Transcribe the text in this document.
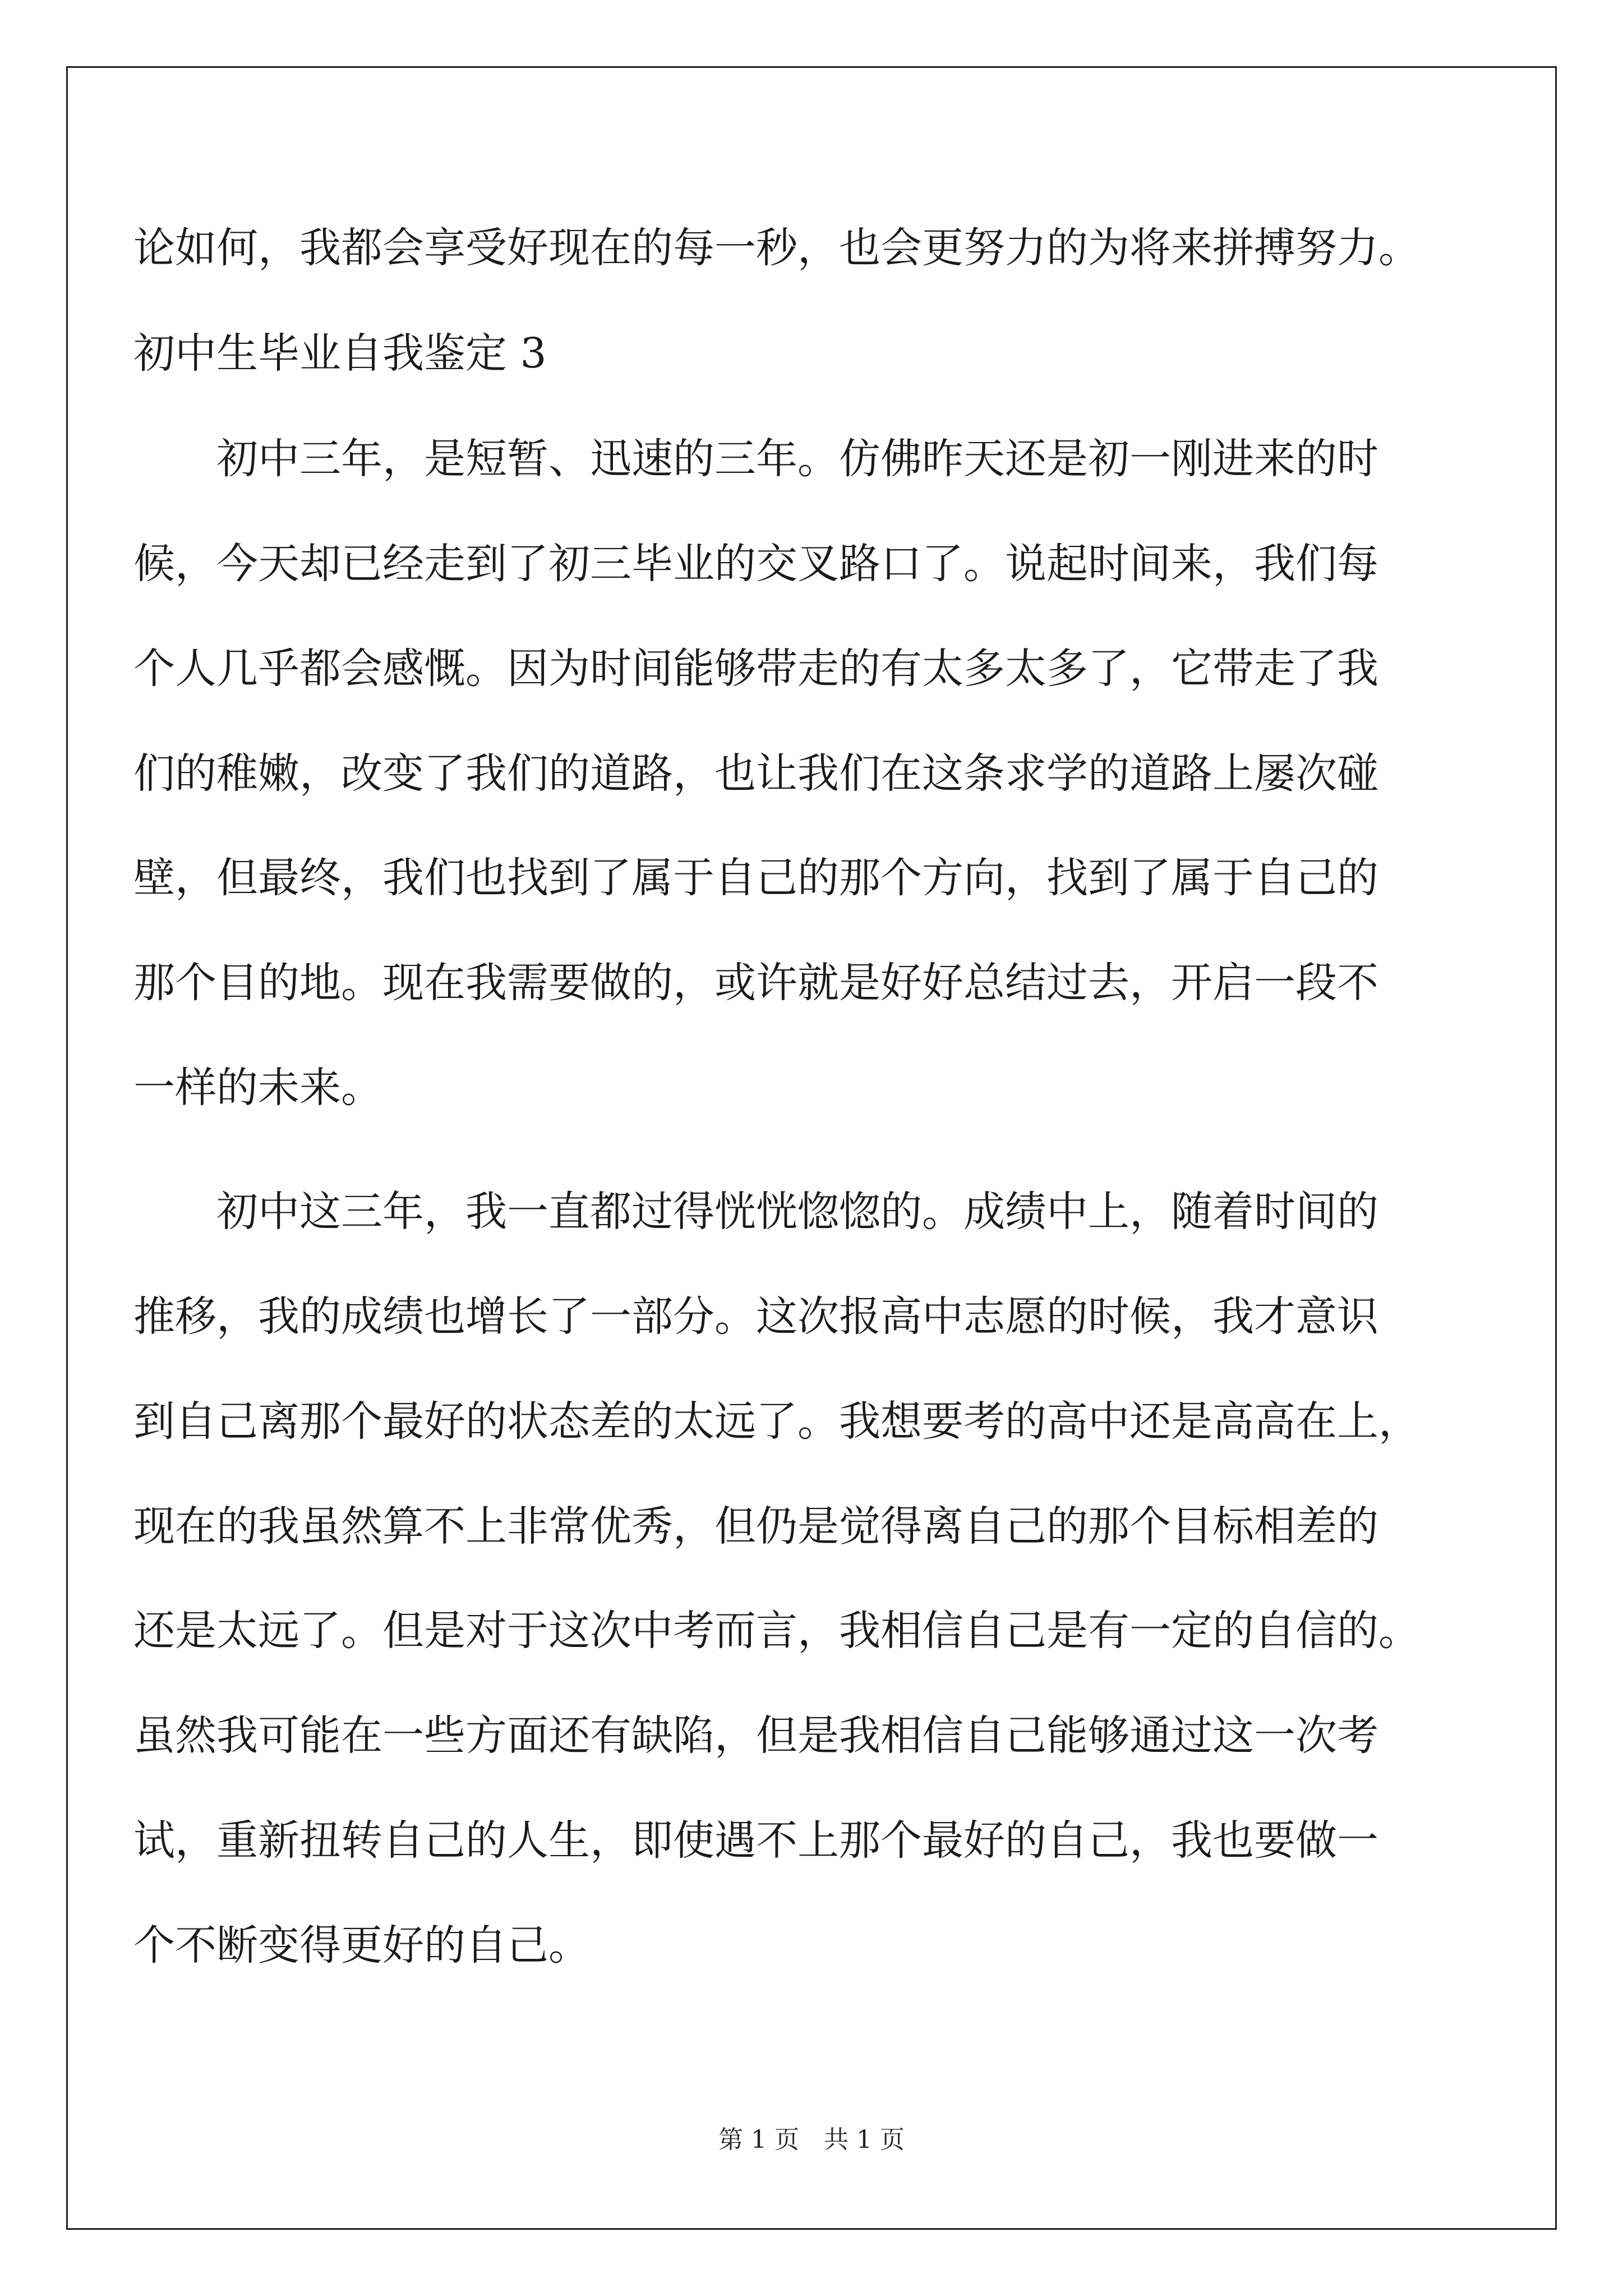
论如何，我都会享受好现在的每一秒，也会更努力的为将来拼搏努力。
初中生毕业自我鉴定 3
初中三年，是短暂、迅速的三年。仿佛昨天还是初一刚进来的时
候，今天却已经走到了初三毕业的交叉路口了。说起时间来，我们每
个人几乎都会感慨。因为时间能够带走的有太多太多了，它带走了我
们的稚嫩，改变了我们的道路，也让我们在这条求学的道路上屡次碰
壁，但最终，我们也找到了属于自己的那个方向，找到了属于自己的
那个目的地。现在我需要做的，或许就是好好总结过去，开启一段不
一样的未来。
初中这三年，我一直都过得恍恍惚惚的。成绩中上，随着时间的
推移，我的成绩也增长了一部分。这次报高中志愿的时候，我才意识
到自己离那个最好的状态差的太远了。我想要考的高中还是高高在上，
现在的我虽然算不上非常优秀，但仍是觉得离自己的那个目标相差的
还是太远了。但是对于这次中考而言，我相信自己是有一定的自信的。
虽然我可能在一些方面还有缺陷，但是我相信自己能够通过这一次考
试，重新扭转自己的人生，即使遇不上那个最好的自己，我也要做一
个不断变得更好的自己。
第 1 页　共 1 页
